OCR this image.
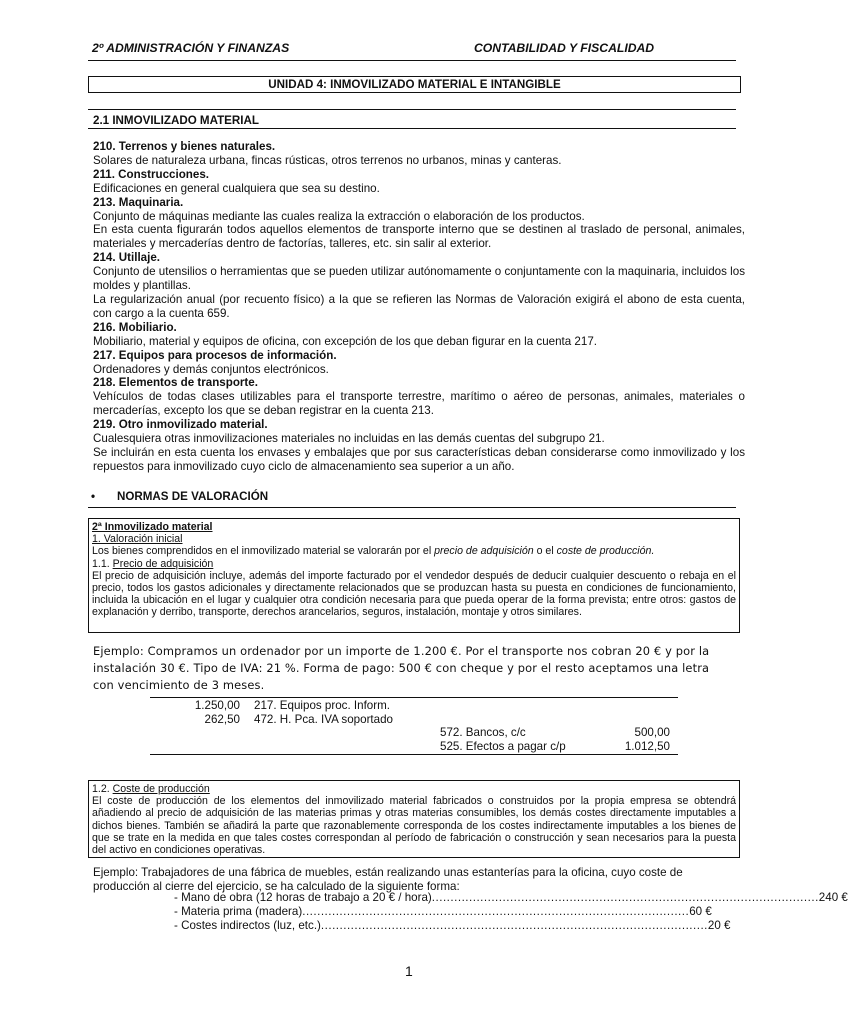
2º ADMINISTRACIÓN Y FINANZAS	CONTABILIDAD Y FISCALIDAD
UNIDAD 4: INMOVILIZADO MATERIAL E INTANGIBLE
2.1 INMOVILIZADO MATERIAL

210. Terrenos y bienes naturales.

Solares de naturaleza urbana, fincas rústicas, otros terrenos no urbanos, minas y canteras.

211. Construcciones.

Edificaciones en general cualquiera que sea su destino.

213. Maquinaria.

Conjunto de máquinas mediante las cuales realiza la extracción o elaboración de los productos.

En esta cuenta figurarán todos aquellos elementos de transporte interno que se destinen al traslado de personal, animales, materiales y mercaderías dentro de factorías, talleres, etc. sin salir al exterior.

214. Utillaje.

Conjunto de utensilios o herramientas que se pueden utilizar autónomamente o conjuntamente con la maquinaria, incluidos los moldes y plantillas.

La regularización anual (por recuento físico) a la que se refieren las Normas de Valoración exigirá el abono de esta cuenta, con cargo a la cuenta 659.

216. Mobiliario.

Mobiliario, material y equipos de oficina, con excepción de los que deban figurar en la cuenta 217.

217. Equipos para procesos de información.

Ordenadores y demás conjuntos electrónicos.

218. Elementos de transporte.

Vehículos de todas clases utilizables para el transporte terrestre, marítimo o aéreo de personas, animales, materiales o mercaderías, excepto los que se deban registrar en la cuenta 213.

219. Otro inmovilizado material.

Cualesquiera otras inmovilizaciones materiales no incluidas en las demás cuentas del subgrupo 21.

Se incluirán en esta cuenta los envases y embalajes que por sus características deban considerarse como inmovilizado y los repuestos para inmovilizado cuyo ciclo de almacenamiento sea superior a un año.

• NORMAS DE VALORACIÓN

2ª Inmovilizado material

1. Valoración inicial

Los bienes comprendidos en el inmovilizado material se valorarán por el precio de adquisición o el coste de producción.

1.1. Precio de adquisición

El precio de adquisición incluye, además del importe facturado por el vendedor después de deducir cualquier descuento o rebaja en el precio, todos los gastos adicionales y directamente relacionados que se produzcan hasta su puesta en condiciones de funcionamiento, incluida la ubicación en el lugar y cualquier otra condición necesaria para que pueda operar de la forma prevista; entre otros: gastos de explanación y derribo, transporte, derechos arancelarios, seguros, instalación, montaje y otros similares.

Ejemplo: Compramos un ordenador por un importe de 1.200 €. Por el transporte nos cobran 20 € y por la instalación 30 €. Tipo de IVA: 21 %. Forma de pago: 500 € con cheque y por el resto aceptamos una letra con vencimiento de 3 meses.

1.250,00 217. Equipos proc. Inform.
262,50 472. H. Pca. IVA soportado
572. Bancos, c/c	500,00
525. Efectos a pagar c/p	1.012,50

1.2. Coste de producción

El coste de producción de los elementos del inmovilizado material fabricados o construidos por la propia empresa se obtendrá añadiendo al precio de adquisición de las materias primas y otras materias consumibles, los demás costes directamente imputables a dichos bienes. También se añadirá la parte que razonablemente corresponda de los costes indirectamente imputables a los bienes de que se trate en la medida en que tales costes correspondan al período de fabricación o construcción y sean necesarios para la puesta del activo en condiciones operativas.

Ejemplo: Trabajadores de una fábrica de muebles, están realizando unas estanterías para la oficina, cuyo coste de producción al cierre del ejercicio, se ha calculado de la siguiente forma:

- Mano de obra (12 horas de trabajo a 20 € / hora) ........................................................................................................ 240 €
- Materia prima (madera) ........................................................................................................ 60 €
- Costes indirectos (luz, etc.) ........................................................................................................ 20 €
1
